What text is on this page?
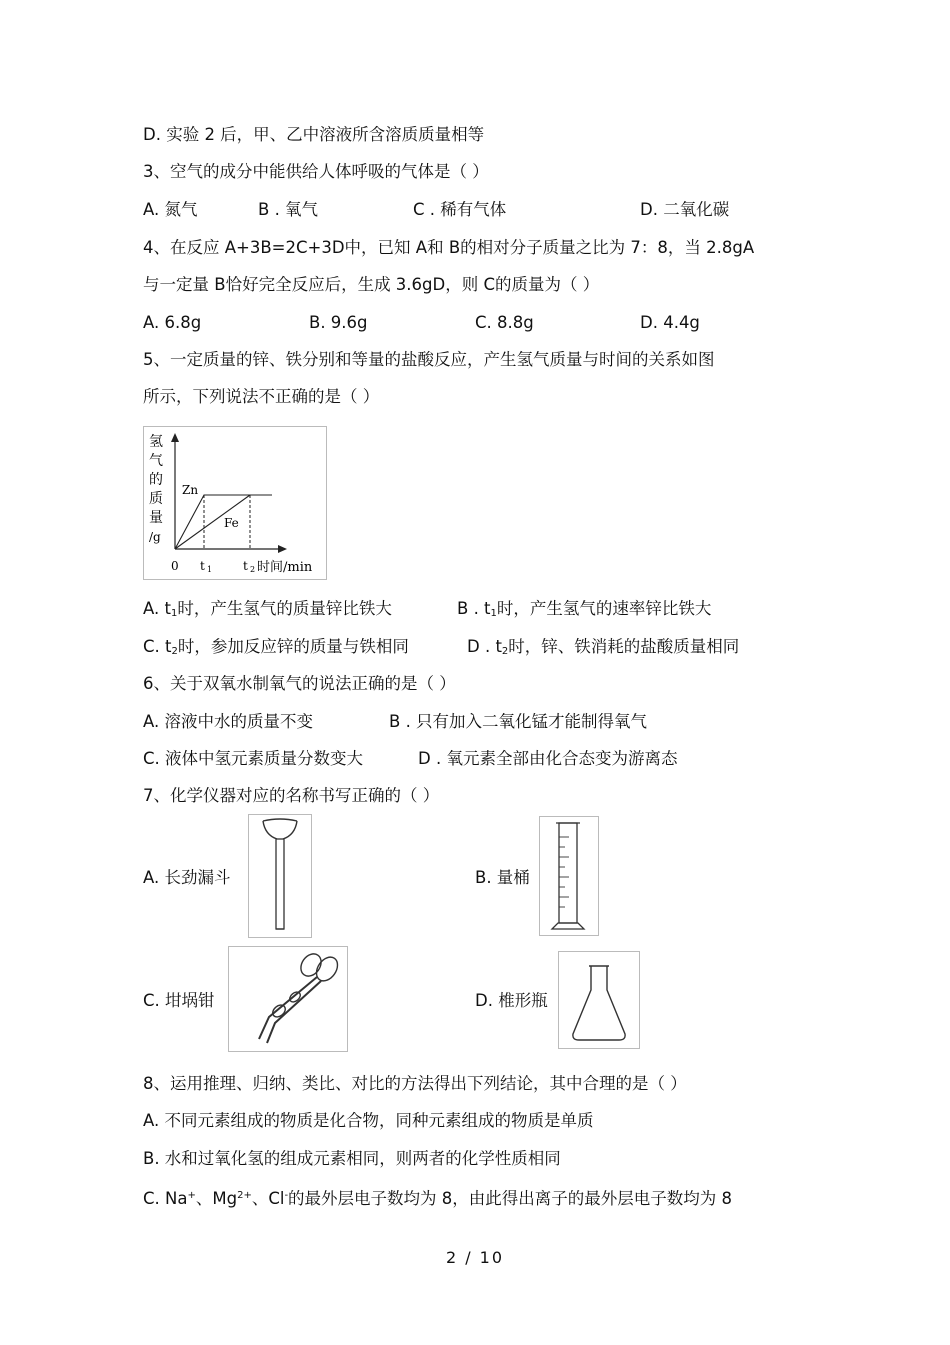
D. 实验 2 后，甲、乙中溶液所含溶质质量相等
3、空气的成分中能供给人体呼吸的气体是（ ）
A. 氮气	B . 氧气	C . 稀有气体	D. 二氧化碳
4、在反应 A+3B=2C+3D中，已知 A和 B的相对分子质量之比为 7：8，当 2.8gA
与一定量 B恰好完全反应后，生成 3.6gD，则 C的质量为（ ）
A. 6.8g	B. 9.6g	C. 8.8g	D. 4.4g
5、一定质量的锌、铁分别和等量的盐酸反应，产生氢气质量与时间的关系如图
所示，下列说法不正确的是（ ）
氢
气
的
质
量
/g
Zn
Fe
0 t 1	t 2 时间/min
A. $t_1$时，产生氢气的质量锌比铁大	B . $t_1$时，产生氢气的速率锌比铁大
C. $t_2$时，参加反应锌的质量与铁相同	D . $t_2$时，锌、铁消耗的盐酸质量相同
6、关于双氧水制氧气的说法正确的是（ ）
A. 溶液中水的质量不变	B . 只有加入二氧化锰才能制得氧气
C. 液体中氢元素质量分数变大	D . 氧元素全部由化合态变为游离态
7、化学仪器对应的名称书写正确的（ ）
A. 长劲漏斗	B. 量桶
C. 坩埚钳	D. 椎形瓶
8、运用推理、归纳、类比、对比的方法得出下列结论，其中合理的是（ ）
A. 不同元素组成的物质是化合物，同种元素组成的物质是单质
B. 水和过氧化氢的组成元素相同，则两者的化学性质相同
C. Na+、$Mg^{2+}$、Cl-的最外层电子数均为 8，由此得出离子的最外层电子数均为 8
2 / 10
